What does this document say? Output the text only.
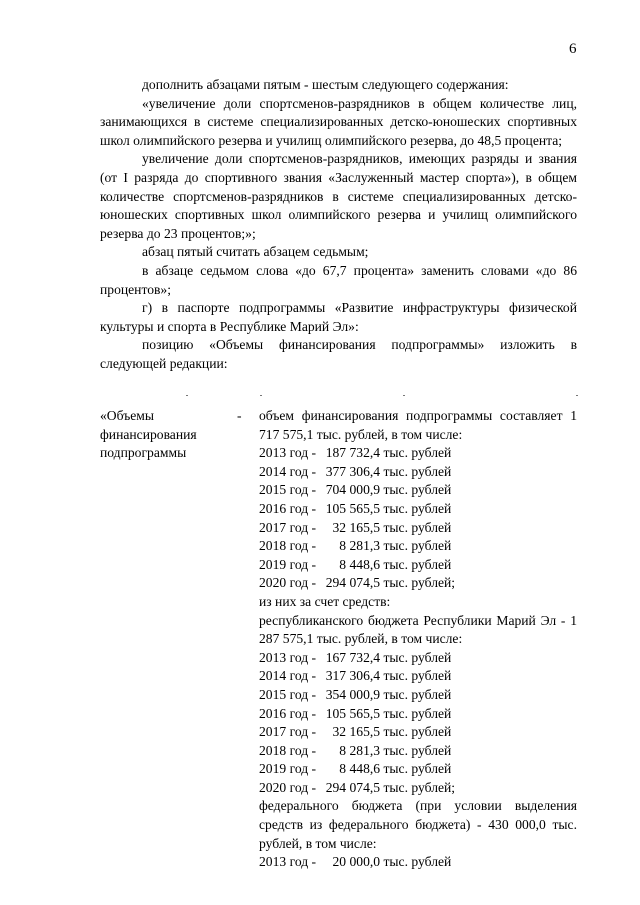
6

дополнить абзацами пятым - шестым следующего содержания:

«увеличение доли спортсменов-разрядников в общем количестве лиц, занимающихся в системе специализированных детско-юношеских спортивных школ олимпийского резерва и училищ олимпийского резерва, до 48,5 процента;

увеличение доли спортсменов-разрядников, имеющих разряды и звания (от I разряда до спортивного звания «Заслуженный мастер спорта»), в общем количестве спортсменов-разрядников в системе специализированных детско-юношеских спортивных школ олимпийского резерва и училищ олимпийского резерва до 23 процентов;»;

абзац пятый считать абзацем седьмым;

в абзаце седьмом слова «до 67,7 процента» заменить словами «до 86 процентов»;

г) в паспорте подпрограммы «Развитие инфраструктуры физической культуры и спорта в Республике Марий Эл»:

позицию «Объемы финансирования подпрограммы» изложить в следующей редакции:

«Объемы
финансирования
подпрограммы
- объем финансирования подпрограммы составляет 1 717 575,1 тыс. рублей, в том числе:
2013 год - 187 732,4 тыс. рублей
2014 год - 377 306,4 тыс. рублей
2015 год - 704 000,9 тыс. рублей
2016 год - 105 565,5 тыс. рублей
2017 год - 32 165,5 тыс. рублей
2018 год - 8 281,3 тыс. рублей
2019 год - 8 448,6 тыс. рублей
2020 год - 294 074,5 тыс. рублей;
из них за счет средств:
республиканского бюджета Республики Марий Эл - 1 287 575,1 тыс. рублей, в том числе:
2013 год - 167 732,4 тыс. рублей
2014 год - 317 306,4 тыс. рублей
2015 год - 354 000,9 тыс. рублей
2016 год - 105 565,5 тыс. рублей
2017 год - 32 165,5 тыс. рублей
2018 год - 8 281,3 тыс. рублей
2019 год - 8 448,6 тыс. рублей
2020 год - 294 074,5 тыс. рублей;
федерального бюджета (при условии выделения средств из федерального бюджета) - 430 000,0 тыс. рублей, в том числе:
2013 год - 20 000,0 тыс. рублей
